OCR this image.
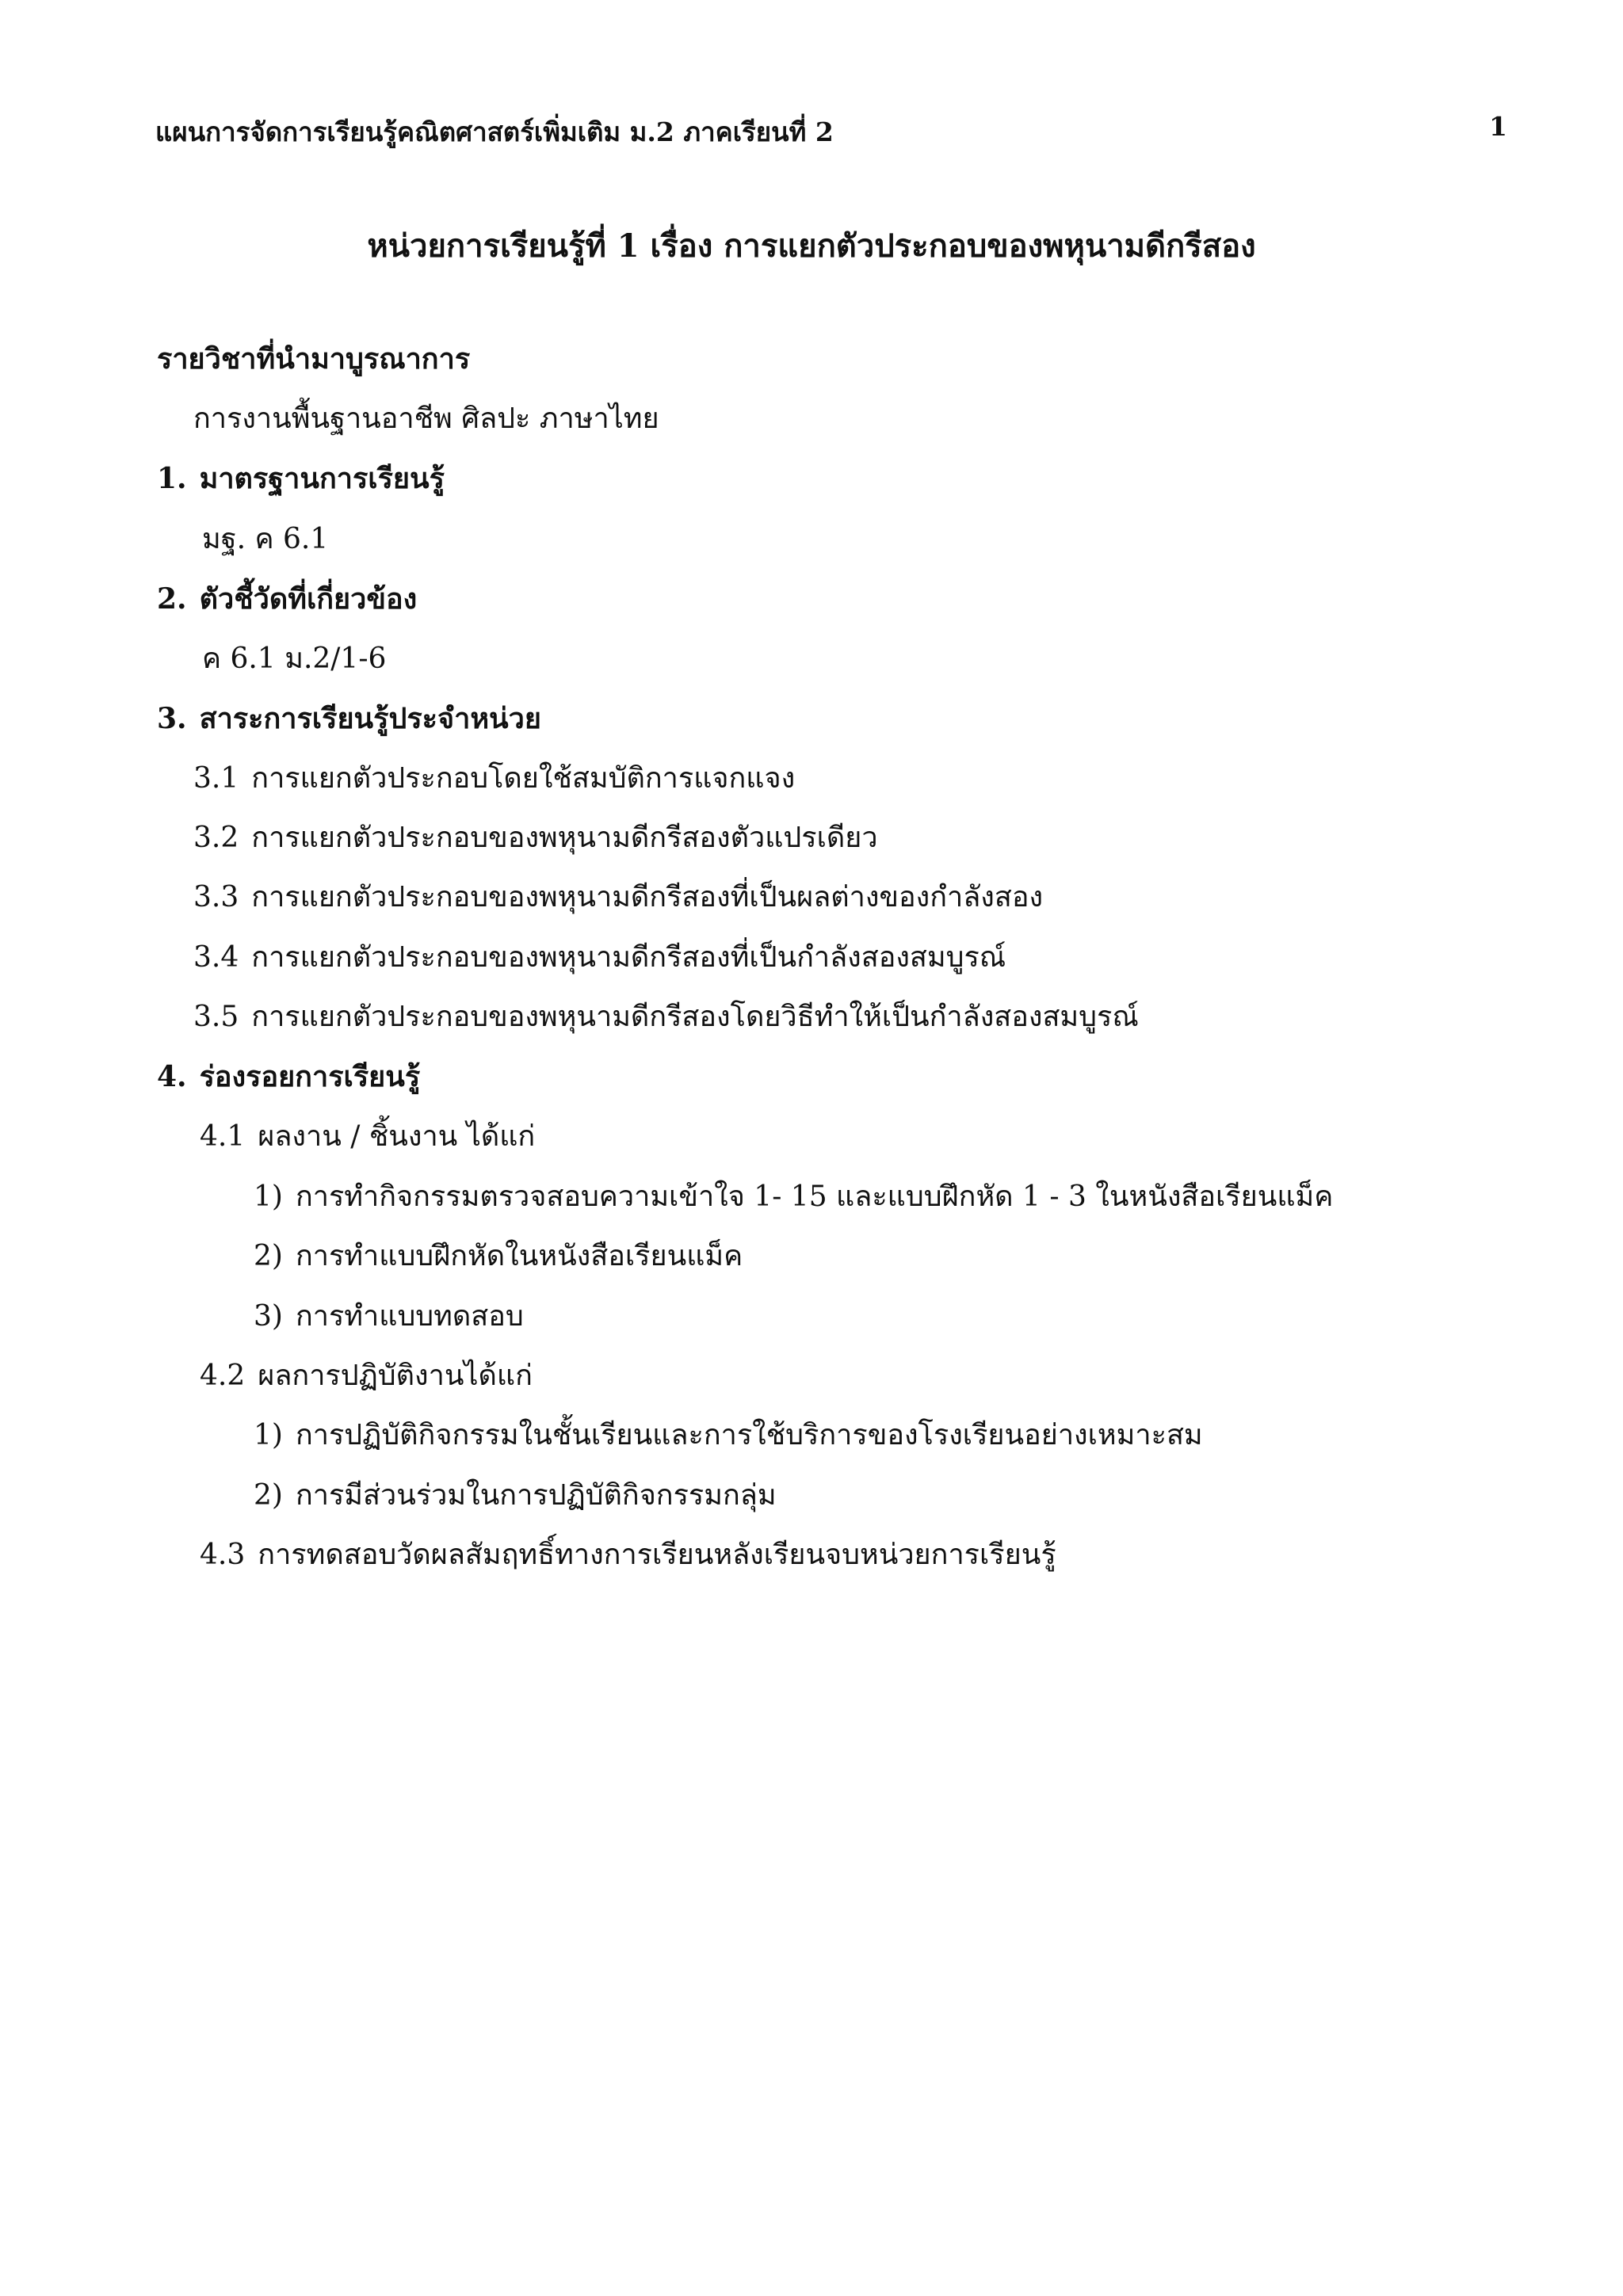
แผนการจัดการเรียนรู้คณิตศาสตร์เพิ่มเติม ม.2 ภาคเรียนที่ 2	1
หน่วยการเรียนรู้ที่ 1 เรื่อง การแยกตัวประกอบของพหุนามดีกรีสอง
รายวิชาที่นำมาบูรณาการ
การงานพื้นฐานอาชีพ ศิลปะ ภาษาไทย
1. มาตรฐานการเรียนรู้
มฐ. ค 6.1
2. ตัวชี้วัดที่เกี่ยวข้อง
ค 6.1 ม.2/1-6
3. สาระการเรียนรู้ประจำหน่วย
3.1 การแยกตัวประกอบโดยใช้สมบัติการแจกแจง
3.2 การแยกตัวประกอบของพหุนามดีกรีสองตัวแปรเดียว
3.3 การแยกตัวประกอบของพหุนามดีกรีสองที่เป็นผลต่างของกำลังสอง
3.4 การแยกตัวประกอบของพหุนามดีกรีสองที่เป็นกำลังสองสมบูรณ์
3.5 การแยกตัวประกอบของพหุนามดีกรีสองโดยวิธีทำให้เป็นกำลังสองสมบูรณ์
4. ร่องรอยการเรียนรู้
4.1 ผลงาน / ชิ้นงาน ได้แก่
1) การทำกิจกรรมตรวจสอบความเข้าใจ 1- 15 และแบบฝึกหัด 1 - 3 ในหนังสือเรียนแม็ค
2) การทำแบบฝึกหัดในหนังสือเรียนแม็ค
3) การทำแบบทดสอบ
4.2 ผลการปฏิบัติงานได้แก่
1) การปฏิบัติกิจกรรมในชั้นเรียนและการใช้บริการของโรงเรียนอย่างเหมาะสม
2) การมีส่วนร่วมในการปฏิบัติกิจกรรมกลุ่ม
4.3 การทดสอบวัดผลสัมฤทธิ์ทางการเรียนหลังเรียนจบหน่วยการเรียนรู้
